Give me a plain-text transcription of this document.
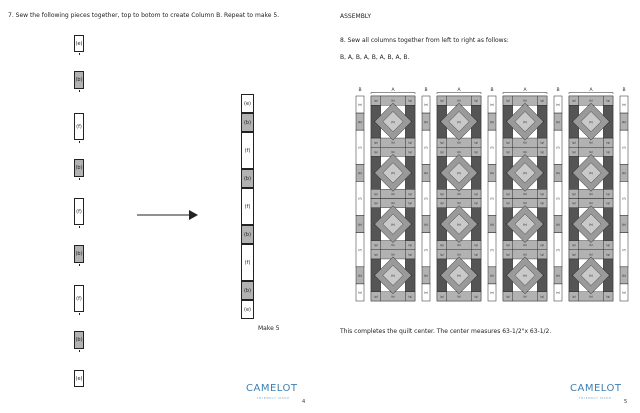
7. Sew the following pieces together, top to botom to create Column B. Repeat to make 5.
(e)
(b)
(f)
(b)
(f)
(b)
(f)
(b)
(e)
(e)
(b)
(f)
(b)
(f)
(b)
(f)
(b)
(e)
Make 5
CAMELOT
FRIENDLY MADE
4
ASSEMBLY
8. Sew all columns together from left to right as follows:
B, A, B, A, B, A, B, A, B.
B	A	B	A	B	A	B	A	B
(e)
(b)
(f)
(b)
(f)
(b)
(f)
(b)
(e)
(e)
(b)
(f)
(b)
(f)
(b)
(f)
(b)
(e)
(e)
(b)
(f)
(b)
(f)
(b)
(f)
(b)
(e)
(e)
(b)
(f)
(b)
(f)
(b)
(f)
(b)
(e)
(e)
(b)
(f)
(b)
(f)
(b)
(f)
(b)
(e)
(g)	(b)	(g)
(g)	(b)	(g)
(h)
(g)	(b)	(g)
(g)	(b)	(g)
(h)
(g)	(b)	(g)
(g)	(b)	(g)
(h)
(g)	(b)	(g)
(g)	(b)	(g)
(h)
(g)	(b)	(g)
(g)	(b)	(g)
(h)
(g)	(b)	(g)
(g)	(b)	(g)
(h)
(g)	(b)	(g)
(g)	(b)	(g)
(h)
(g)	(b)	(g)
(g)	(b)	(g)
(h)
(g)	(b)	(g)
(g)	(b)	(g)
(h)
(g)	(b)	(g)
(g)	(b)	(g)
(h)
(g)	(b)	(g)
(g)	(b)	(g)
(h)
(g)	(b)	(g)
(g)	(b)	(g)
(h)
(g)	(b)	(g)
(g)	(b)	(g)
(h)
(g)	(b)	(g)
(g)	(b)	(g)
(h)
(g)	(b)	(g)
(g)	(b)	(g)
(h)
(g)	(b)	(g)
(g)	(b)	(g)
(h)
This completes the quilt center. The center measures 63-1/2"x 63-1/2.
CAMELOT
FRIENDLY MADE
5
